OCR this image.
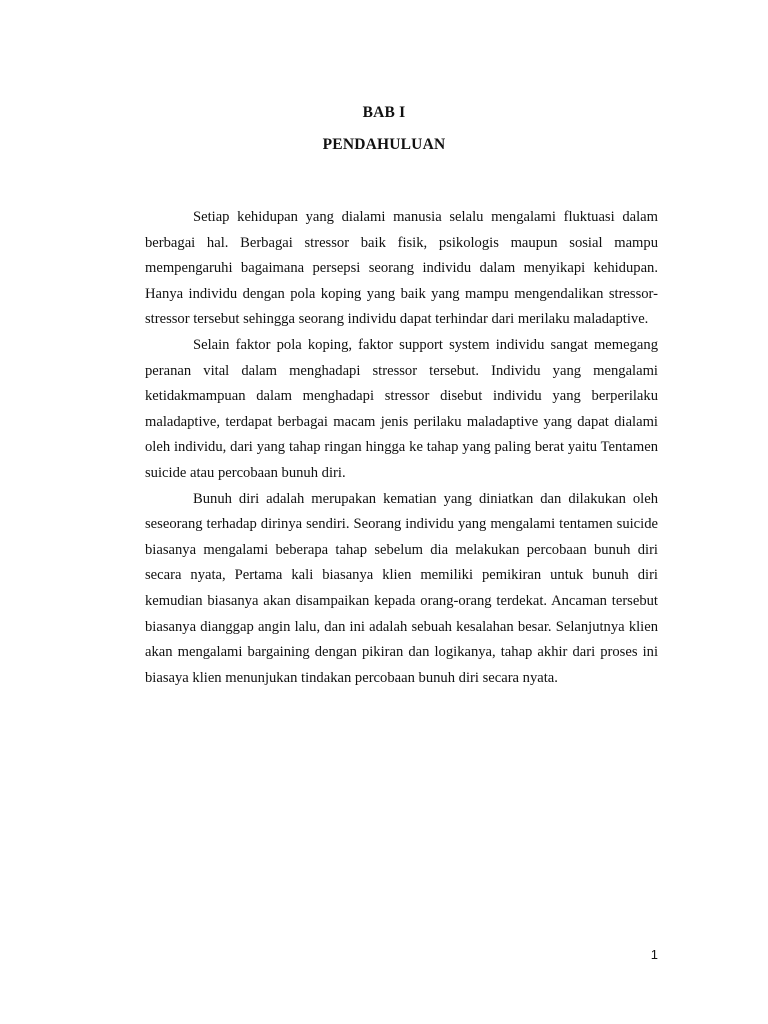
BAB I
PENDAHULUAN

Setiap kehidupan yang dialami manusia selalu mengalami fluktuasi dalam berbagai hal. Berbagai stressor baik fisik, psikologis maupun sosial mampu mempengaruhi bagaimana persepsi seorang individu dalam menyikapi kehidupan. Hanya individu dengan pola koping yang baik yang mampu mengendalikan stressor-stressor tersebut sehingga seorang individu dapat terhindar dari merilaku maladaptive.

Selain faktor pola koping, faktor support system individu sangat memegang peranan vital dalam menghadapi stressor tersebut. Individu yang mengalami ketidakmampuan dalam menghadapi stressor disebut individu yang berperilaku maladaptive, terdapat berbagai macam jenis perilaku maladaptive yang dapat dialami oleh individu, dari yang tahap ringan hingga ke tahap yang paling berat yaitu Tentamen suicide atau percobaan bunuh diri.

Bunuh diri adalah merupakan kematian yang diniatkan dan dilakukan oleh seseorang terhadap dirinya sendiri. Seorang individu yang mengalami tentamen suicide biasanya mengalami beberapa tahap sebelum dia melakukan percobaan bunuh diri secara nyata, Pertama kali biasanya klien memiliki pemikiran untuk bunuh diri kemudian biasanya akan disampaikan kepada orang-orang terdekat. Ancaman tersebut biasanya dianggap angin lalu, dan ini adalah sebuah kesalahan besar. Selanjutnya klien akan mengalami bargaining dengan pikiran dan logikanya, tahap akhir dari proses ini biasaya klien menunjukan tindakan percobaan bunuh diri secara nyata.

1
